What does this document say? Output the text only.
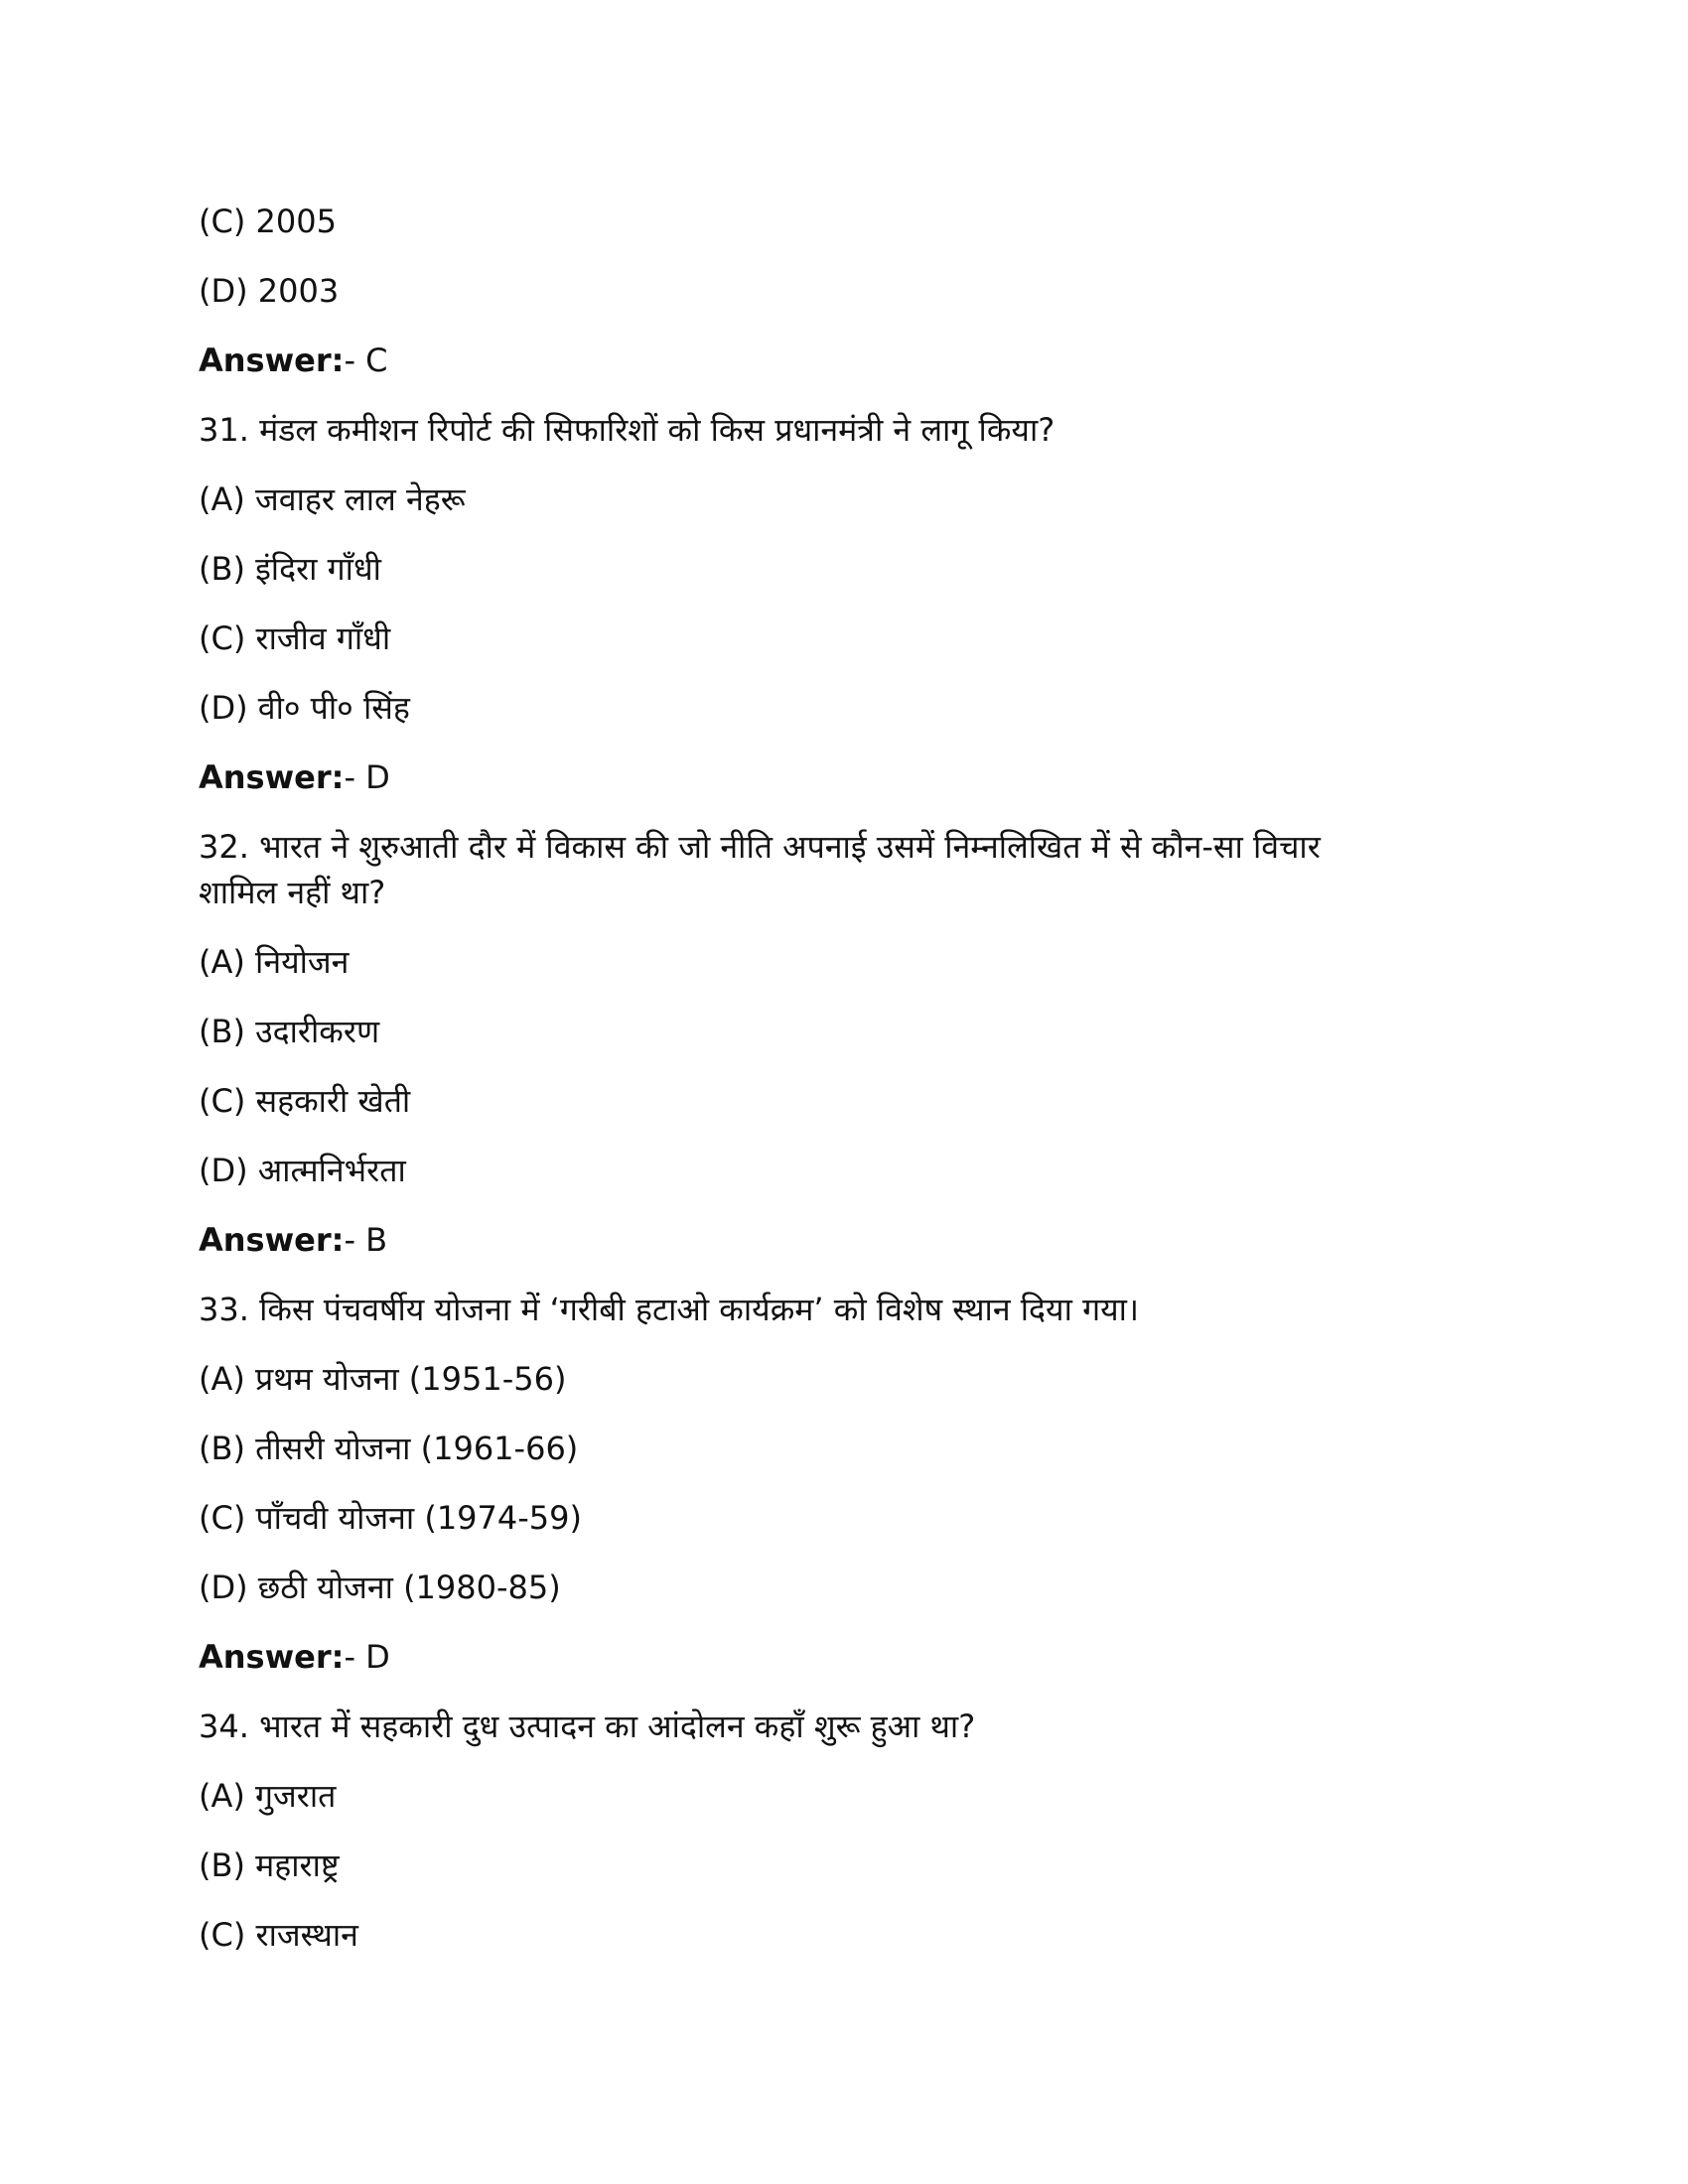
(C) 2005
(D) 2003
Answer:- C
31. मंडल कमीशन रिपोर्ट की सिफारिशों को किस प्रधानमंत्री ने लागू किया?
(A) जवाहर लाल नेहरू
(B) इंदिरा गाँधी
(C) राजीव गाँधी
(D) वी० पी० सिंह
Answer:- D
32. भारत ने शुरुआती दौर में विकास की जो नीति अपनाई उसमें निम्नलिखित में से कौन-सा विचार
शामिल नहीं था?
(A) नियोजन
(B) उदारीकरण
(C) सहकारी खेती
(D) आत्मनिर्भरता
Answer:- B
33. किस पंचवर्षीय योजना में ‘गरीबी हटाओ कार्यक्रम’ को विशेष स्थान दिया गया।
(A) प्रथम योजना (1951-56)
(B) तीसरी योजना (1961-66)
(C) पाँचवी योजना (1974-59)
(D) छठी योजना (1980-85)
Answer:- D
34. भारत में सहकारी दुध उत्पादन का आंदोलन कहाँ शुरू हुआ था?
(A) गुजरात
(B) महाराष्ट्र
(C) राजस्थान
